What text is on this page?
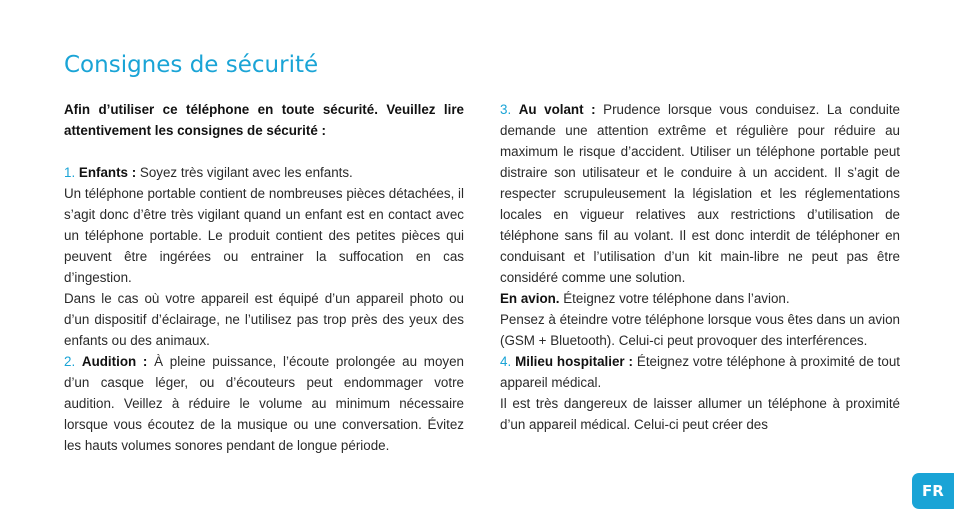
Consignes de sécurité

Afin d’utiliser ce téléphone en toute sécurité. Veuillez lire attentivement les consignes de sécurité :

1. Enfants : Soyez très vigilant avec les enfants.

Un téléphone portable contient de nombreuses pièces détachées, il s’agit donc d’être très vigilant quand un enfant est en contact avec un téléphone portable. Le produit contient des petites pièces qui peuvent être ingérées ou entrainer la suffocation en cas d’ingestion.

Dans le cas où votre appareil est équipé d’un appareil photo ou d’un dispositif d’éclairage, ne l’utilisez pas trop près des yeux des enfants ou des animaux.

2. Audition : À pleine puissance, l’écoute prolongée au moyen d’un casque léger, ou d’écouteurs peut endommager votre audition. Veillez à réduire le volume au minimum nécessaire lorsque vous écoutez de la musique ou une conversation. Évitez les hauts volumes sonores pendant de longue période.

3. Au volant : Prudence lorsque vous conduisez. La conduite demande une attention extrême et régulière pour réduire au maximum le risque d’accident. Utiliser un téléphone portable peut distraire son utilisateur et le conduire à un accident. Il s’agit de respecter scrupuleusement la législation et les réglementations locales en vigueur relatives aux restrictions d’utilisation de téléphone sans fil au volant. Il est donc interdit de téléphoner en conduisant et l’utilisation d’un kit main-libre ne peut pas être considéré comme une solution.

En avion. Éteignez votre téléphone dans l’avion.

Pensez à éteindre votre téléphone lorsque vous êtes dans un avion (GSM + Bluetooth). Celui-ci peut provoquer des interférences.

4. Milieu hospitalier : Éteignez votre téléphone à proximité de tout appareil médical.

Il est très dangereux de laisser allumer un téléphone à proximité d’un appareil médical. Celui-ci peut créer des

FR
